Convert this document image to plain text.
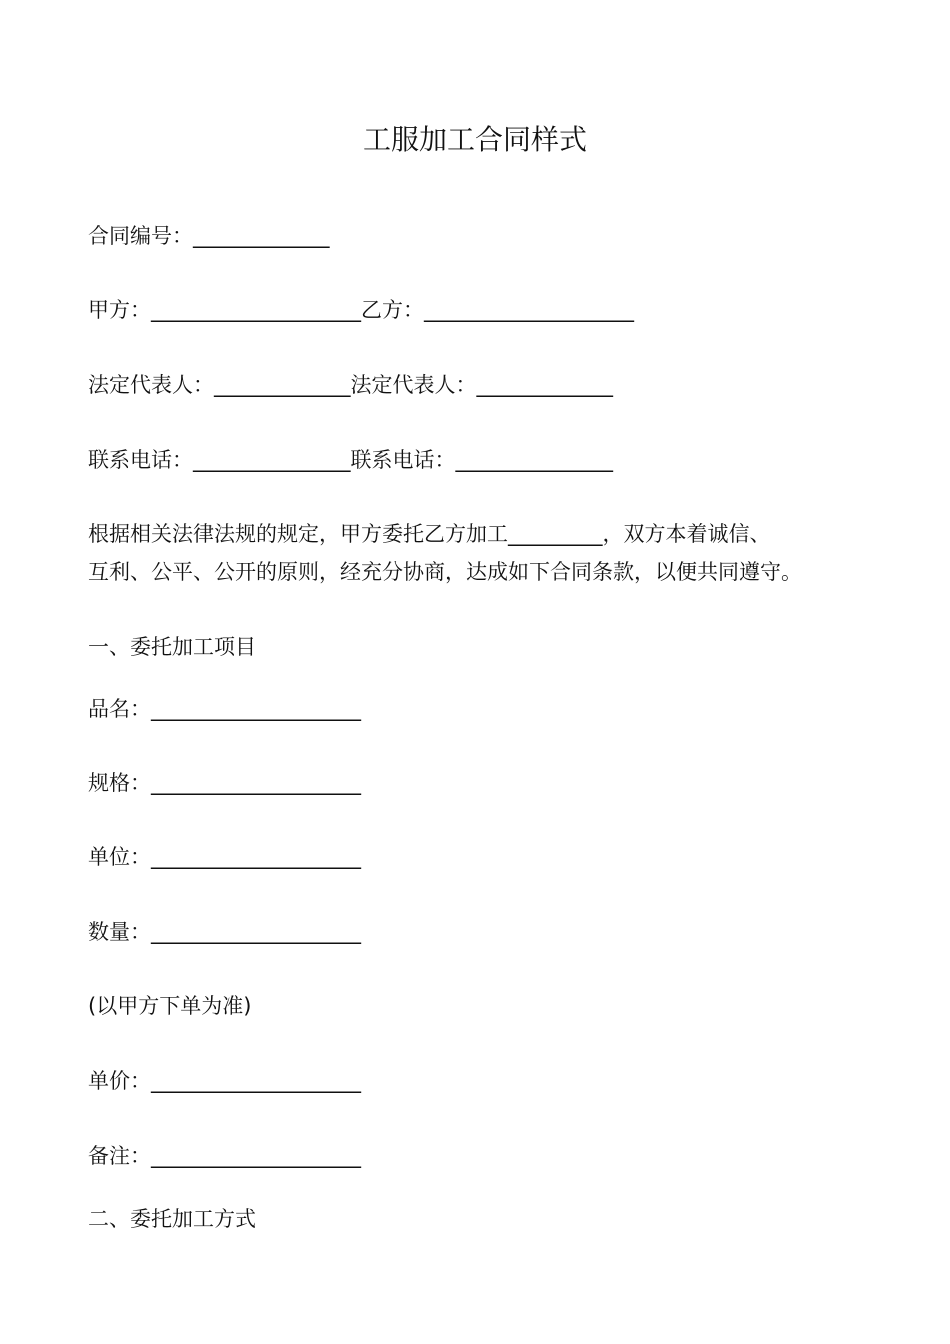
工服加工合同样式
合同编号：_____________
甲方：____________________乙方：____________________
法定代表人：_____________法定代表人：_____________
联系电话：_______________联系电话：_______________
根据相关法律法规的规定，甲方委托乙方加工_________，双方本着诚信、
互利、公平、公开的原则，经充分协商，达成如下合同条款，以便共同遵守。
一、委托加工项目
品名：____________________
规格：____________________
单位：____________________
数量：____________________
(以甲方下单为准)
单价：____________________
备注：____________________
二、委托加工方式
